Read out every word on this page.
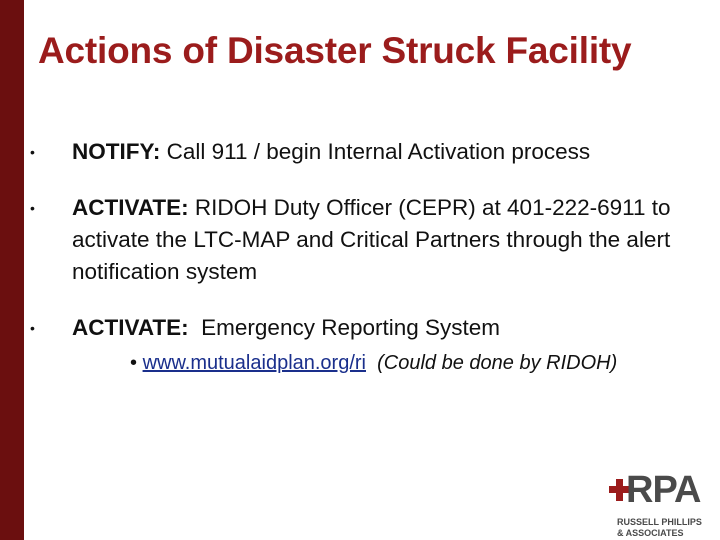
Actions of Disaster Struck Facility
• NOTIFY: Call 911 / begin Internal Activation process
• ACTIVATE: RIDOH Duty Officer (CEPR) at 401-222-6911 to activate the LTC-MAP and Critical Partners through the alert notification system
• ACTIVATE:  Emergency Reporting System
• www.mutualaidplan.org/ri (Could be done by RIDOH)
RPA
RUSSELL PHILLIPS
& ASSOCIATES
